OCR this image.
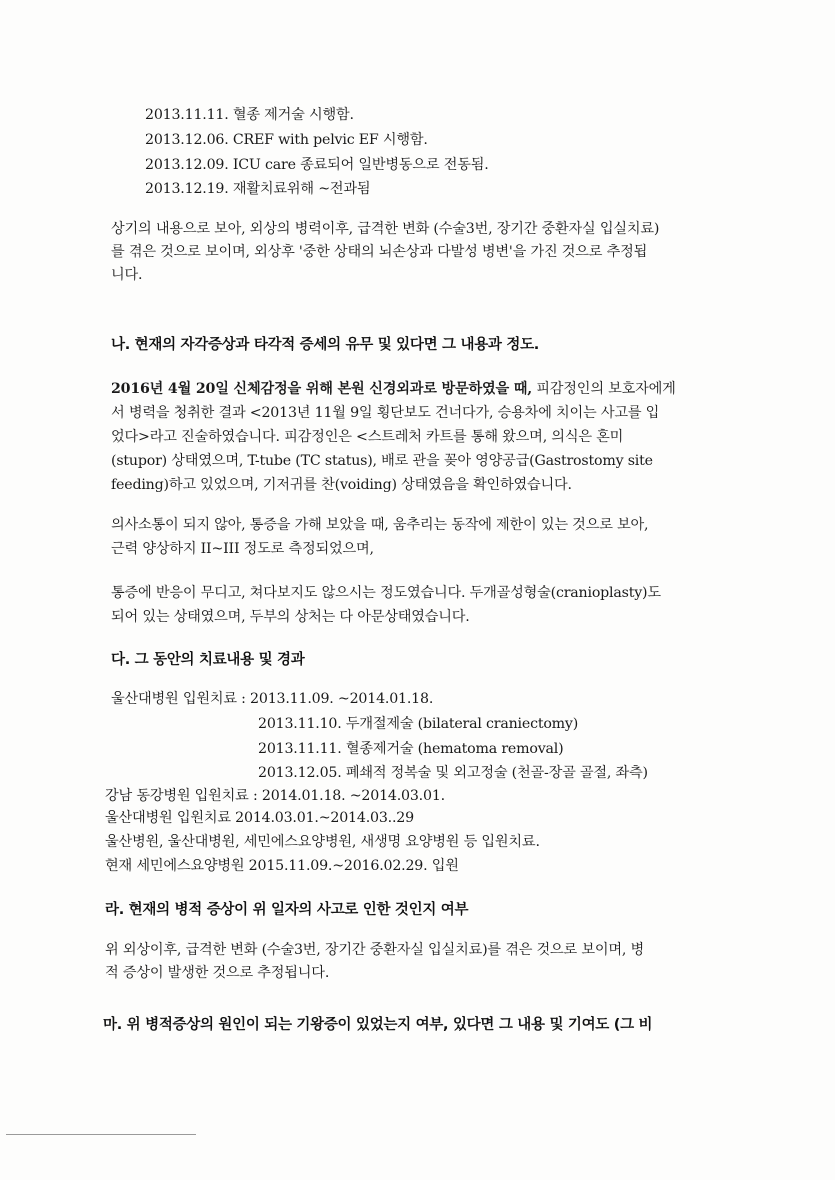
2013.11.11. 혈종 제거술 시행함.
2013.12.06. CREF with pelvic EF 시행함.
2013.12.09. ICU care 종료되어 일반병동으로 전동됨.
2013.12.19. 재활치료위해 ~전과됨
상기의 내용으로 보아, 외상의 병력이후, 급격한 변화 (수술3번, 장기간 중환자실 입실치료)
를 겪은 것으로 보이며, 외상후 '중한 상태의 뇌손상과 다발성 병변'을 가진 것으로 추정됩
니다.
나. 현재의 자각증상과 타각적 증세의 유무 및 있다면 그 내용과 정도.
2016년 4월 20일 신체감정을 위해 본원 신경외과로 방문하였을 때, 피감정인의 보호자에게
서 병력을 청취한 결과 <2013년 11월 9일 횡단보도 건너다가, 승용차에 치이는 사고를 입
었다>라고 진술하였습니다. 피감정인은 <스트레처 카트를 통해 왔으며, 의식은 혼미
(stupor) 상태였으며, T-tube (TC status), 배로 관을 꽂아 영양공급(Gastrostomy site
feeding)하고 있었으며, 기저귀를 찬(voiding) 상태였음을 확인하였습니다.
의사소통이 되지 않아, 통증을 가해 보았을 때, 움추리는 동작에 제한이 있는 것으로 보아,
근력 양상하지 II~III 정도로 측정되었으며,
통증에 반응이 무디고, 쳐다보지도 않으시는 정도였습니다. 두개골성형술(cranioplasty)도
되어 있는 상태였으며, 두부의 상처는 다 아문상태였습니다.
다. 그 동안의 치료내용 및 경과
울산대병원 입원치료 : 2013.11.09. ~2014.01.18.
2013.11.10. 두개절제술 (bilateral craniectomy)
2013.11.11. 혈종제거술 (hematoma removal)
2013.12.05. 폐쇄적 정복술 및 외고정술 (천골-장골 골절, 좌측)
강남 동강병원 입원치료 : 2014.01.18. ~2014.03.01.
울산대병원 입원치료 2014.03.01.~2014.03..29
울산병원, 울산대병원, 세민에스요양병원, 새생명 요양병원 등 입원치료.
현재 세민에스요양병원 2015.11.09.~2016.02.29. 입원
라. 현재의 병적 증상이 위 일자의 사고로 인한 것인지 여부
위 외상이후, 급격한 변화 (수술3번, 장기간 중환자실 입실치료)를 겪은 것으로 보이며, 병
적 증상이 발생한 것으로 추정됩니다.
마. 위 병적증상의 원인이 되는 기왕증이 있었는지 여부, 있다면 그 내용 및 기여도 (그 비
